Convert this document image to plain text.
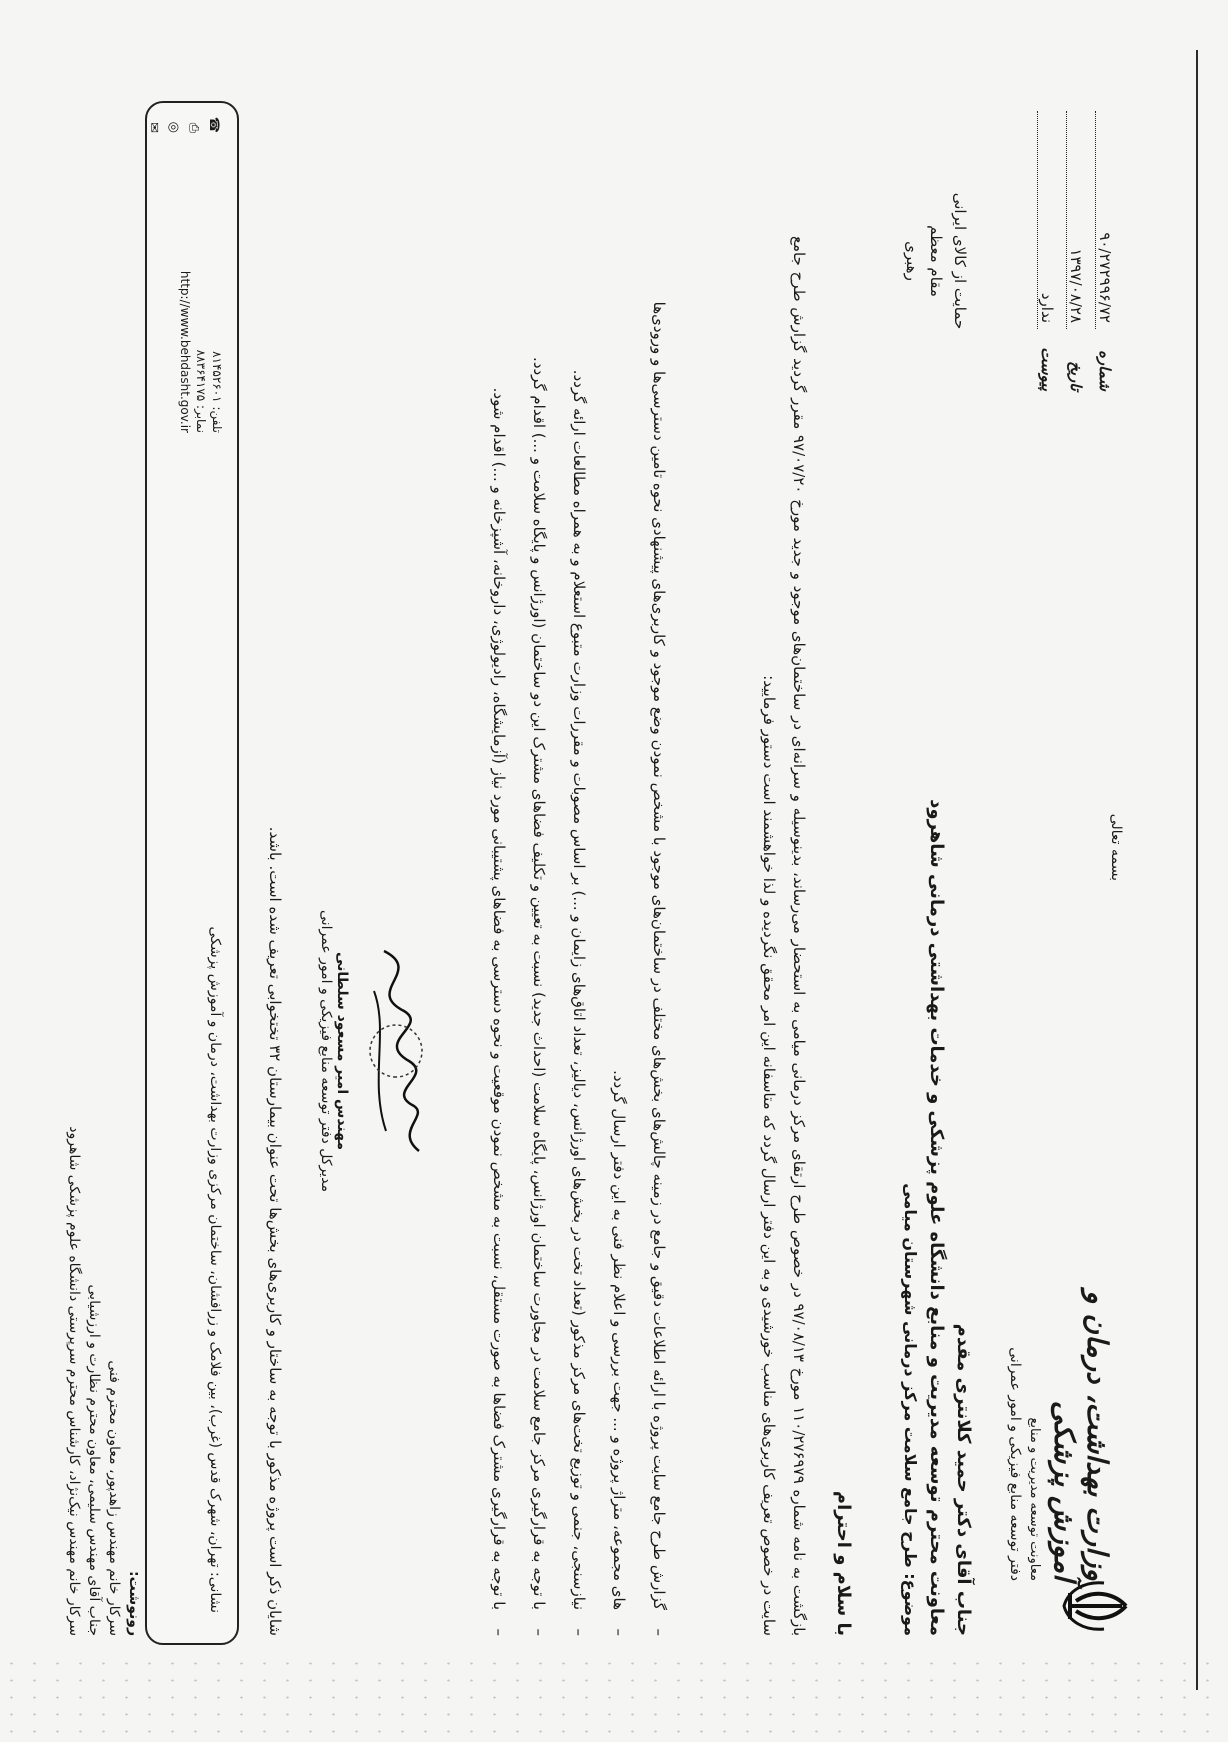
وزارت بهداشت، درمان و آموزش پزشکی
معاونت توسعه مدیریت و منابع
دفتر توسعه منابع فیزیکی و امور عمرانی
بسمه تعالی
شماره
۹۰/۲۷۲۹۹۶/۷۲
تاریخ
۱۳۹۷/۰۸/۲۸
پیوست
ندارد
حمایت از کالای ایرانی
مقام معظم
رهبری
جناب آقای دکتر حمید کلانتری مقدم
معاونت محترم توسعه مدیریت و منابع دانشگاه علوم پزشکی و خدمات بهداشتی درمانی شاهرود
موضوع: طرح جامع سلامت مرکز درمانی شهرستان میامی
با سلام و احترام
بازگشت به نامه شماره ۱۱۰/۲۷۶۹۷۹ مورخ ۹۷/۰۸/۱۳ در خصوص طرح ارتقای مرکز درمانی میامی به استحضار می‌رساند، بدینوسیله و سرانه‌ای در ساختمان‌های موجود و جدید مورخ ۹۷/۰۷/۲۰ مقرر گردید گزارش طرح جامع سایت در خصوص تعریف کاربری‌های مناسب خورشیدی و به این دفتر ارسال گردد که متاسفانه این امر محقق نگردیده و لذا خواهشمند است دستور فرمایید:
– گزارش طرح جامع سایت پروژه با ارائه اطلاعات دقیق و جامع در زمینه چالش‌های بخش‌های مختلف در ساختمان‌های موجود با مشخص نمودن وضع موجود و کاربری‌های پیشنهادی نحوه تامین دسترسی‌ها و ورودی‌ها
– های مجموعه، متراژ پروژه و ... جهت بررسی و اعلام نظر فنی به این دفتر ارسال گردد.
– نیازسنجی، جنمی و توزیع تخت‌های مرکز مذکور (تعداد تخت در بخش‌های اورژانس، دیالیز، تعداد اتاق‌های زایمان و ...) بر اساس مصوبات و مقررات وزارت متبوع استعلام و به همراه مطالعات ارائه گردد.
– با توجه به قرارگیری مرکز جامع سلامت در مجاورت ساختمان اورژانس، پایگاه سلامت (احداث جدید) نسبت به تعیین و تکلیف فضاهای مشترک این دو ساختمان (اورژانس و پایگاه سلامت و ...) اقدام گردد.
– با توجه به قرارگیری مشترک فضاها به صورت مستقل، نسبت به مشخص نمودن موقعیت و نحوه دسترسی به فضاهای پشتیبانی مورد نیاز (آزمایشگاه، رادیولوژی، داروخانه، آشپزخانه و ...) اقدام شود.
شایان ذکر است پروژه مذکور با توجه به ساختار و کاربری‌های بخش‌ها تحت عنوان بیمارستان ۳۲ تختخوابی تعریف شده است. باشد.
مهندس امیر مسعود سلطانی
مدیرکل دفتر توسعه منابع فیزیکی و امور عمرانی
نشانی: تهران، شهرک قدس (غرب)، بین فلامک و زرافشان، ساختمان مرکزی وزارت بهداشت، درمان و آموزش پزشکی
☎
⎙
◎
✉
تلفن: ۸۱۴۵۲۶۰۱
نمابر: ۸۸۳۶۴۱۷۵
http://www.behdasht.gov.ir
رونوشت:
سرکار خانم مهندس زاهد‌پور، معاون محترم فنی
جناب آقای مهندس سلیمی، معاون محترم نظارت و ارزشیابی
سرکار خانم مهندس نیک‌نژاد، کارشناس محترم سرپرستی دانشگاه علوم پزشکی شاهرود
